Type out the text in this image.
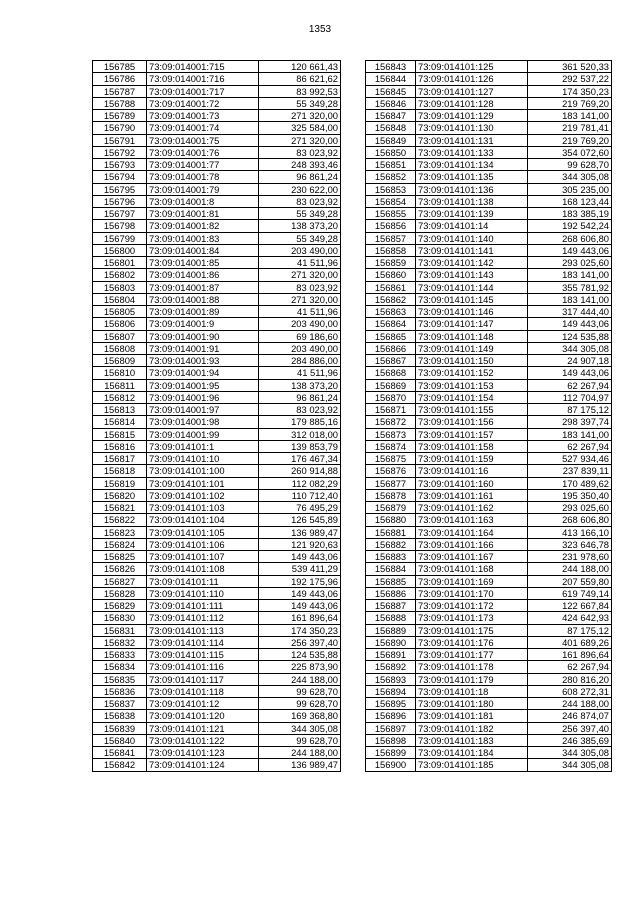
1353
156785	73:09:014001:715	120 661,43
156786	73:09:014001:716	86 621,62
156787	73:09:014001:717	83 992,53
156788	73:09:014001:72	55 349,28
156789	73:09:014001:73	271 320,00
156790	73:09:014001:74	325 584,00
156791	73:09:014001:75	271 320,00
156792	73:09:014001:76	83 023,92
156793	73:09:014001:77	248 393,46
156794	73:09:014001:78	96 861,24
156795	73:09:014001:79	230 622,00
156796	73:09:014001:8	83 023,92
156797	73:09:014001:81	55 349,28
156798	73:09:014001:82	138 373,20
156799	73:09:014001:83	55 349,28
156800	73:09:014001:84	203 490,00
156801	73:09:014001:85	41 511,96
156802	73:09:014001:86	271 320,00
156803	73:09:014001:87	83 023,92
156804	73:09:014001:88	271 320,00
156805	73:09:014001:89	41 511,96
156806	73:09:014001:9	203 490,00
156807	73:09:014001:90	69 186,60
156808	73:09:014001:91	203 490,00
156809	73:09:014001:93	284 886,00
156810	73:09:014001:94	41 511,96
156811	73:09:014001:95	138 373,20
156812	73:09:014001:96	96 861,24
156813	73:09:014001:97	83 023,92
156814	73:09:014001:98	179 885,16
156815	73:09:014001:99	312 018,00
156816	73:09:014101:1	139 853,79
156817	73:09:014101:10	176 467,34
156818	73:09:014101:100	260 914,88
156819	73:09:014101:101	112 082,29
156820	73:09:014101:102	110 712,40
156821	73:09:014101:103	76 495,29
156822	73:09:014101:104	126 545,89
156823	73:09:014101:105	136 989,47
156824	73:09:014101:106	121 920,63
156825	73:09:014101:107	149 443,06
156826	73:09:014101:108	539 411,29
156827	73:09:014101:11	192 175,96
156828	73:09:014101:110	149 443,06
156829	73:09:014101:111	149 443,06
156830	73:09:014101:112	161 896,64
156831	73:09:014101:113	174 350,23
156832	73:09:014101:114	256 397,40
156833	73:09:014101:115	124 535,88
156834	73:09:014101:116	225 873,90
156835	73:09:014101:117	244 188,00
156836	73:09:014101:118	99 628,70
156837	73:09:014101:12	99 628,70
156838	73:09:014101:120	169 368,80
156839	73:09:014101:121	344 305,08
156840	73:09:014101:122	99 628,70
156841	73:09:014101:123	244 188,00
156842	73:09:014101:124	136 989,47
156843	73:09:014101:125	361 520,33
156844	73:09:014101:126	292 537,22
156845	73:09:014101:127	174 350,23
156846	73:09:014101:128	219 769,20
156847	73:09:014101:129	183 141,00
156848	73:09:014101:130	219 781,41
156849	73:09:014101:131	219 769,20
156850	73:09:014101:133	354 072,60
156851	73:09:014101:134	99 628,70
156852	73:09:014101:135	344 305,08
156853	73:09:014101:136	305 235,00
156854	73:09:014101:138	168 123,44
156855	73:09:014101:139	183 385,19
156856	73:09:014101:14	192 542,24
156857	73:09:014101:140	268 606,80
156858	73:09:014101:141	149 443,06
156859	73:09:014101:142	293 025,60
156860	73:09:014101:143	183 141,00
156861	73:09:014101:144	355 781,92
156862	73:09:014101:145	183 141,00
156863	73:09:014101:146	317 444,40
156864	73:09:014101:147	149 443,06
156865	73:09:014101:148	124 535,88
156866	73:09:014101:149	344 305,08
156867	73:09:014101:150	24 907,18
156868	73:09:014101:152	149 443,06
156869	73:09:014101:153	62 267,94
156870	73:09:014101:154	112 704,97
156871	73:09:014101:155	87 175,12
156872	73:09:014101:156	298 397,74
156873	73:09:014101:157	183 141,00
156874	73:09:014101:158	62 267,94
156875	73:09:014101:159	527 934,46
156876	73:09:014101:16	237 839,11
156877	73:09:014101:160	170 489,62
156878	73:09:014101:161	195 350,40
156879	73:09:014101:162	293 025,60
156880	73:09:014101:163	268 606,80
156881	73:09:014101:164	413 166,10
156882	73:09:014101:166	323 646,78
156883	73:09:014101:167	231 978,60
156884	73:09:014101:168	244 188,00
156885	73:09:014101:169	207 559,80
156886	73:09:014101:170	619 749,14
156887	73:09:014101:172	122 667,84
156888	73:09:014101:173	424 642,93
156889	73:09:014101:175	87 175,12
156890	73:09:014101:176	401 689,26
156891	73:09:014101:177	161 896,64
156892	73:09:014101:178	62 267,94
156893	73:09:014101:179	280 816,20
156894	73:09:014101:18	608 272,31
156895	73:09:014101:180	244 188,00
156896	73:09:014101:181	246 874,07
156897	73:09:014101:182	256 397,40
156898	73:09:014101:183	246 385,69
156899	73:09:014101:184	344 305,08
156900	73:09:014101:185	344 305,08
